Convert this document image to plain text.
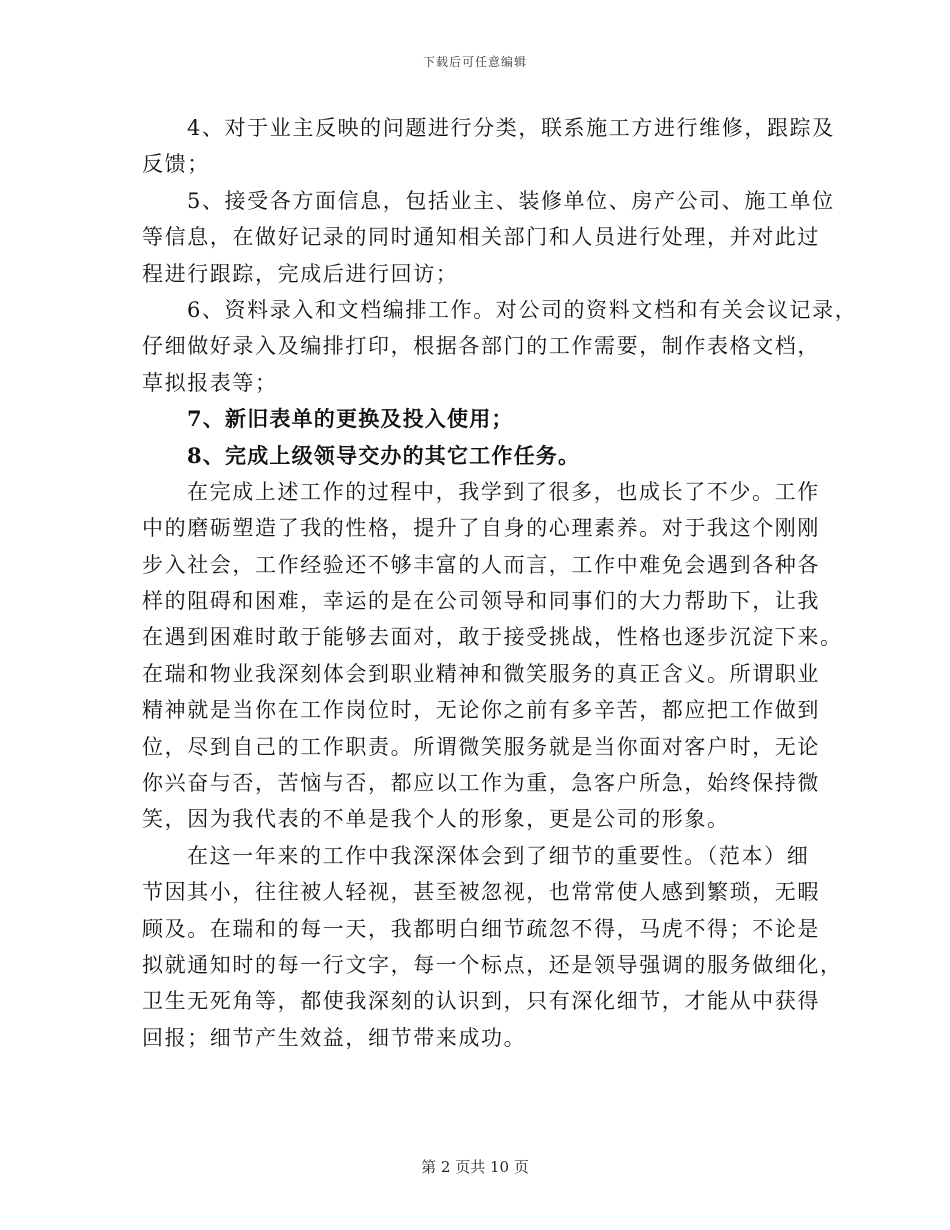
下载后可任意编辑
4、对于业主反映的问题进行分类，联系施工方进行维修，跟踪及
反馈；
5、接受各方面信息，包括业主、装修单位、房产公司、施工单位
等信息，在做好记录的同时通知相关部门和人员进行处理，并对此过
程进行跟踪，完成后进行回访；
6、资料录入和文档编排工作。对公司的资料文档和有关会议记录，
仔细做好录入及编排打印，根据各部门的工作需要，制作表格文档，
草拟报表等；
7、新旧表单的更换及投入使用；
8、完成上级领导交办的其它工作任务。
在完成上述工作的过程中，我学到了很多，也成长了不少。工作
中的磨砺塑造了我的性格，提升了自身的心理素养。对于我这个刚刚
步入社会，工作经验还不够丰富的人而言，工作中难免会遇到各种各
样的阻碍和困难，幸运的是在公司领导和同事们的大力帮助下，让我
在遇到困难时敢于能够去面对，敢于接受挑战，性格也逐步沉淀下来。
在瑞和物业我深刻体会到职业精神和微笑服务的真正含义。所谓职业
精神就是当你在工作岗位时，无论你之前有多辛苦，都应把工作做到
位，尽到自己的工作职责。所谓微笑服务就是当你面对客户时，无论
你兴奋与否，苦恼与否，都应以工作为重，急客户所急，始终保持微
笑，因为我代表的不单是我个人的形象，更是公司的形象。
在这一年来的工作中我深深体会到了细节的重要性。（范本）细
节因其小，往往被人轻视，甚至被忽视，也常常使人感到繁琐，无暇
顾及。在瑞和的每一天，我都明白细节疏忽不得，马虎不得；不论是
拟就通知时的每一行文字，每一个标点，还是领导强调的服务做细化，
卫生无死角等，都使我深刻的认识到，只有深化细节，才能从中获得
回报；细节产生效益，细节带来成功。
第 2 页共 10 页
